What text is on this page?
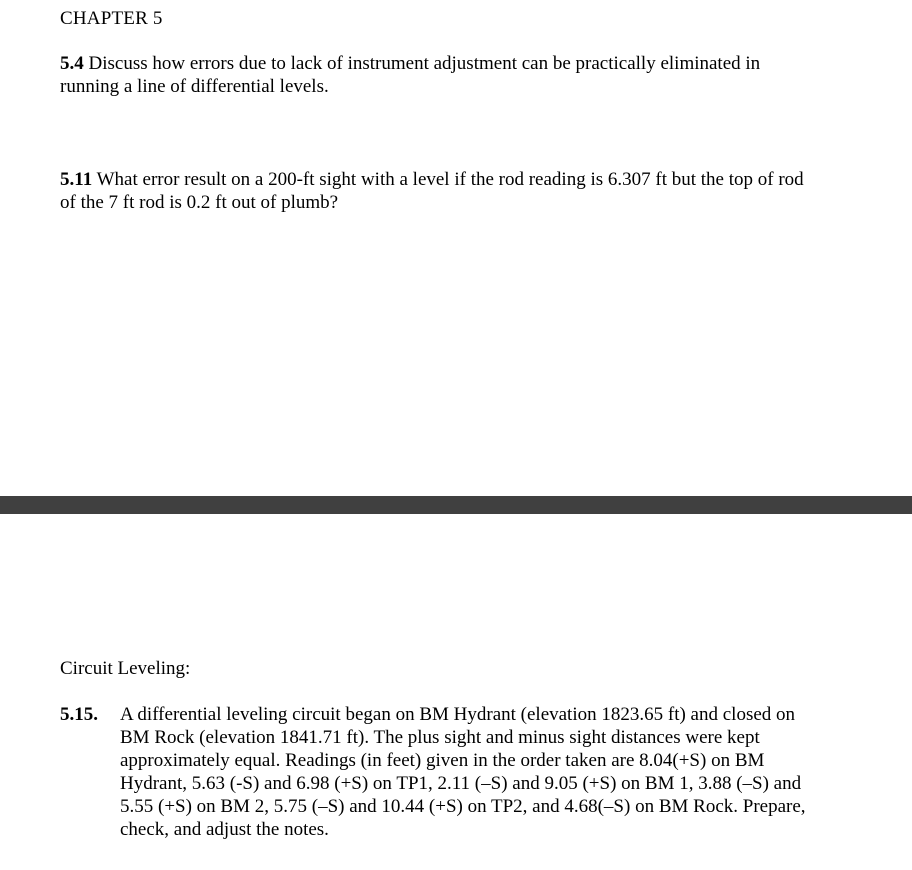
CHAPTER 5
5.4 Discuss how errors due to lack of instrument adjustment can be practically eliminated in running a line of differential levels.
5.11 What error result on a 200-ft sight with a level if the rod reading is 6.307 ft but the top of rod of the 7 ft rod is 0.2 ft out of plumb?
Circuit Leveling:
5.15. A differential leveling circuit began on BM Hydrant (elevation 1823.65 ft) and closed on BM Rock (elevation 1841.71 ft). The plus sight and minus sight distances were kept approximately equal. Readings (in feet) given in the order taken are 8.04(+S) on BM Hydrant, 5.63 (-S) and 6.98 (+S) on TP1, 2.11 (–S) and 9.05 (+S) on BM 1, 3.88 (–S) and 5.55 (+S) on BM 2, 5.75 (–S) and 10.44 (+S) on TP2, and 4.68(–S) on BM Rock. Prepare, check, and adjust the notes.
